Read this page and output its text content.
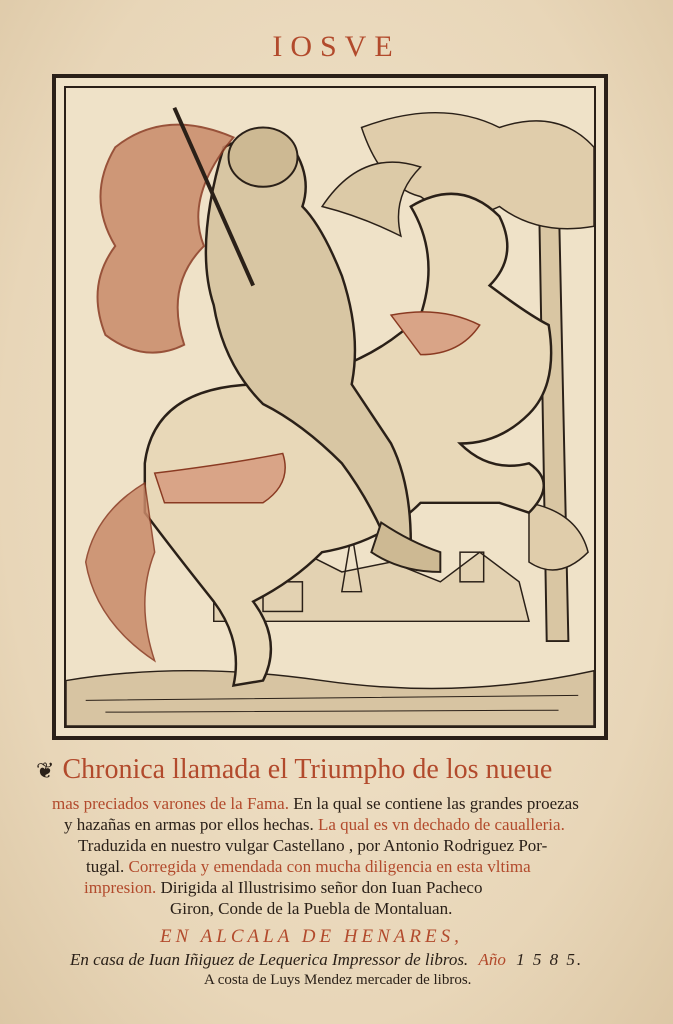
IOSVE
❦ Chronica llamada el Triumpho de los nueue
mas preciados varones de la Fama. En la qual se contiene las grandes proezas
y hazañas en armas por ellos hechas. La qual es vn dechado de caualleria.
Traduzida en nuestro vulgar Castellano , por Antonio Rodriguez Por-
tugal. Corregida y emendada con mucha diligencia en esta vltima
impresion. Dirigida al Illustrisimo señor don Iuan Pacheco
Giron, Conde de la Puebla de Montaluan.
EN ALCALA DE HENARES,
En casa de Iuan Iñiguez de Lequerica Impressor de libros. Año 1 5 8 5.
A costa de Luys Mendez mercader de libros.
